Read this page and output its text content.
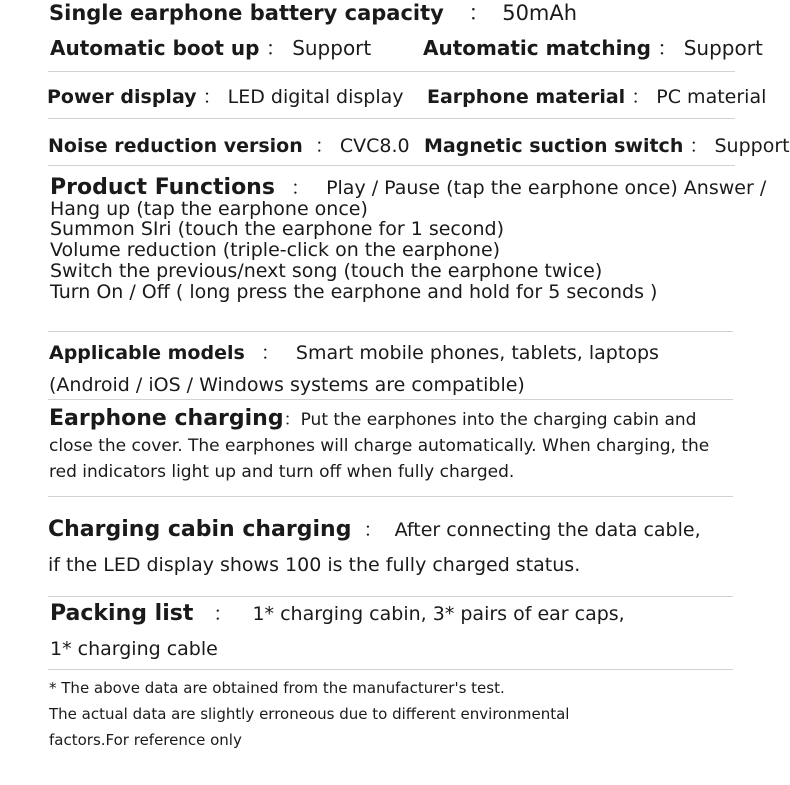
Single earphone battery capacity ： 50mAh
Automatic boot up ： Support	Automatic matching ： Support
Power display ： LED digital display Earphone material ： PC material
Noise reduction version ： CVC8.0 Magnetic suction switch ： Support
Product Functions ： Play / Pause (tap the earphone once) Answer /
Hang up (tap the earphone once)
Summon SIri (touch the earphone for 1 second)
Volume reduction (triple-click on the earphone)
Switch the previous/next song (touch the earphone twice)
Turn On / Off ( long press the earphone and hold for 5 seconds )
Applicable models ： Smart mobile phones, tablets, laptops
(Android / iOS / Windows systems are compatible)
Earphone charging：Put the earphones into the charging cabin and close the cover. The earphones will charge automatically. When charging, the red indicators light up and turn off when fully charged.
Charging cabin charging ： After connecting the data cable,
if the LED display shows 100 is the fully charged status.
Packing list ： 1* charging cabin, 3* pairs of ear caps,
1* charging cable
* The above data are obtained from the manufacturer's test.
The actual data are slightly erroneous due to different environmental
factors.For reference only
